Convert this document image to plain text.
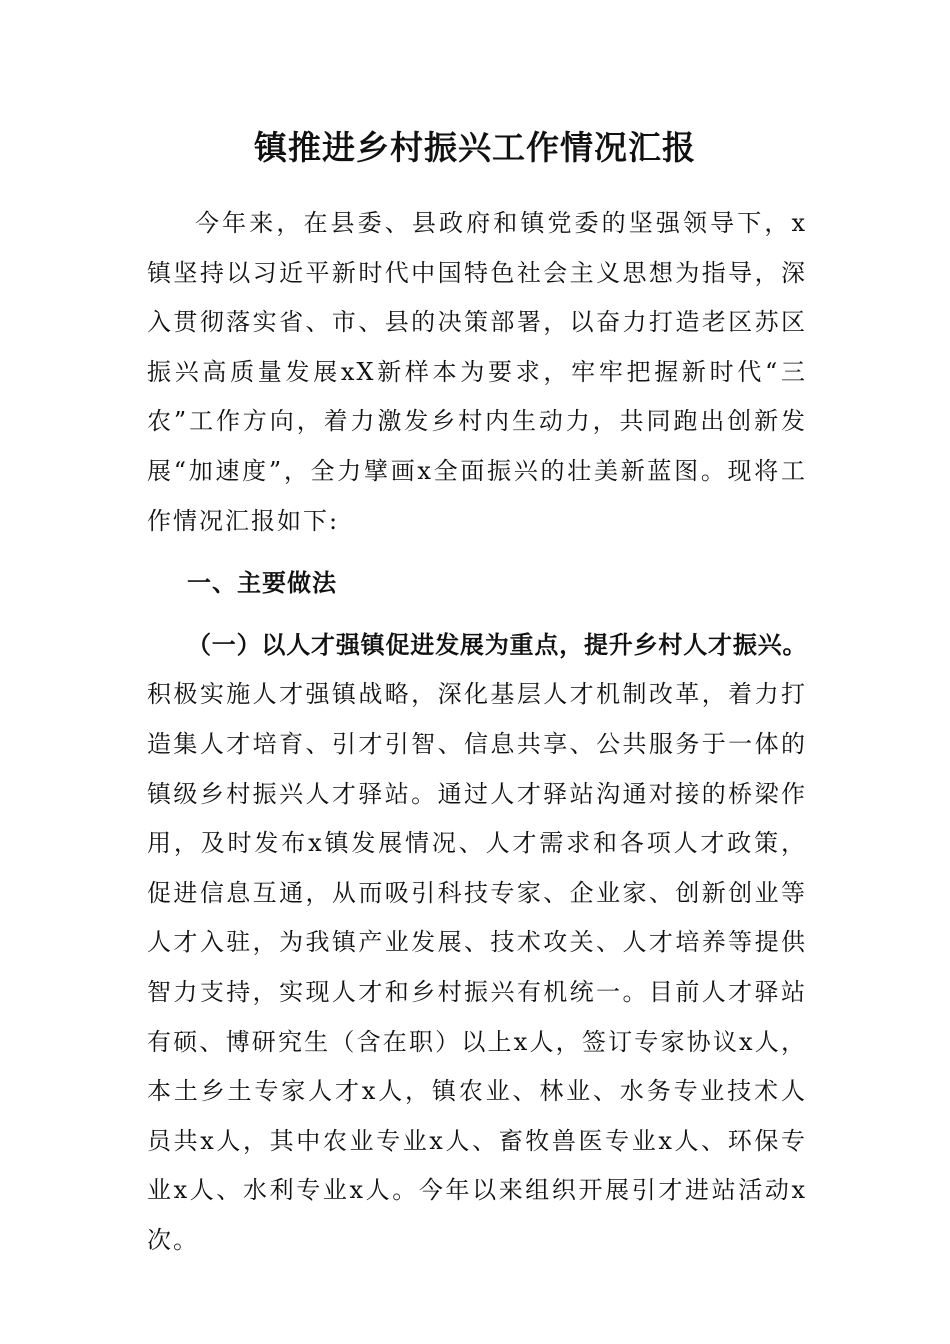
镇推进乡村振兴工作情况汇报

今年来，在县委、县政府和镇党委的坚强领导下，x镇坚持以习近平新时代中国特色社会主义思想为指导，深入贯彻落实省、市、县的决策部署，以奋力打造老区苏区振兴高质量发展xX新样本为要求，牢牢把握新时代“三农”工作方向，着力激发乡村内生动力，共同跑出创新发展“加速度”，全力擘画x全面振兴的壮美新蓝图。现将工作情况汇报如下:

一、主要做法

（一）以人才强镇促进发展为重点，提升乡村人才振兴。积极实施人才强镇战略，深化基层人才机制改革，着力打造集人才培育、引才引智、信息共享、公共服务于一体的镇级乡村振兴人才驿站。通过人才驿站沟通对接的桥梁作用，及时发布x镇发展情况、人才需求和各项人才政策，促进信息互通，从而吸引科技专家、企业家、创新创业等人才入驻，为我镇产业发展、技术攻关、人才培养等提供智力支持，实现人才和乡村振兴有机统一。目前人才驿站有硕、博研究生（含在职）以上x人，签订专家协议x人，本土乡土专家人才x人，镇农业、林业、水务专业技术人员共x人，其中农业专业x人、畜牧兽医专业x人、环保专业x人、水利专业x人。今年以来组织开展引才进站活动x次。
